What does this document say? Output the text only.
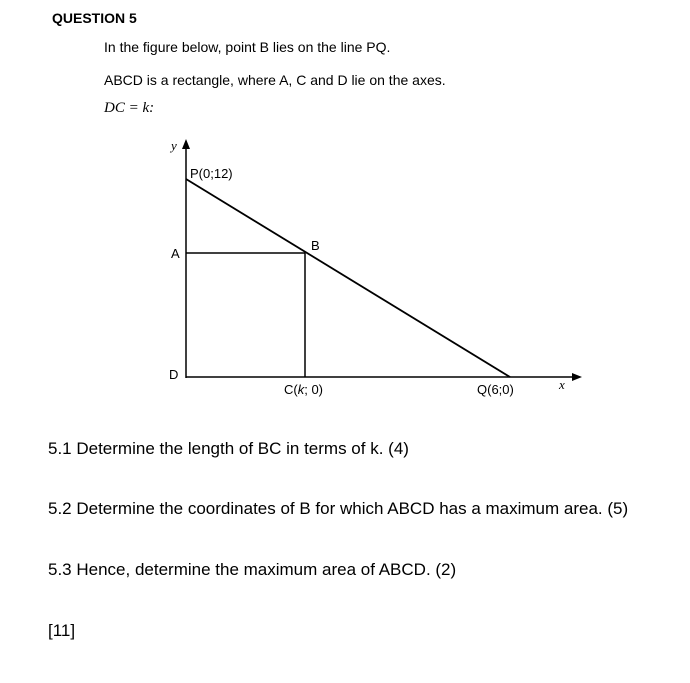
QUESTION 5
In the figure below, point B lies on the line PQ.
ABCD is a rectangle, where A, C and D lie on the axes.
DC = k:
y
x
P(0;12)
B
A
D
C(k; 0)	Q(6;0)
5.1 Determine the length of BC in terms of k. (4)
5.2 Determine the coordinates of B for which ABCD has a maximum area. (5)
5.3 Hence, determine the maximum area of ABCD. (2)
[11]
